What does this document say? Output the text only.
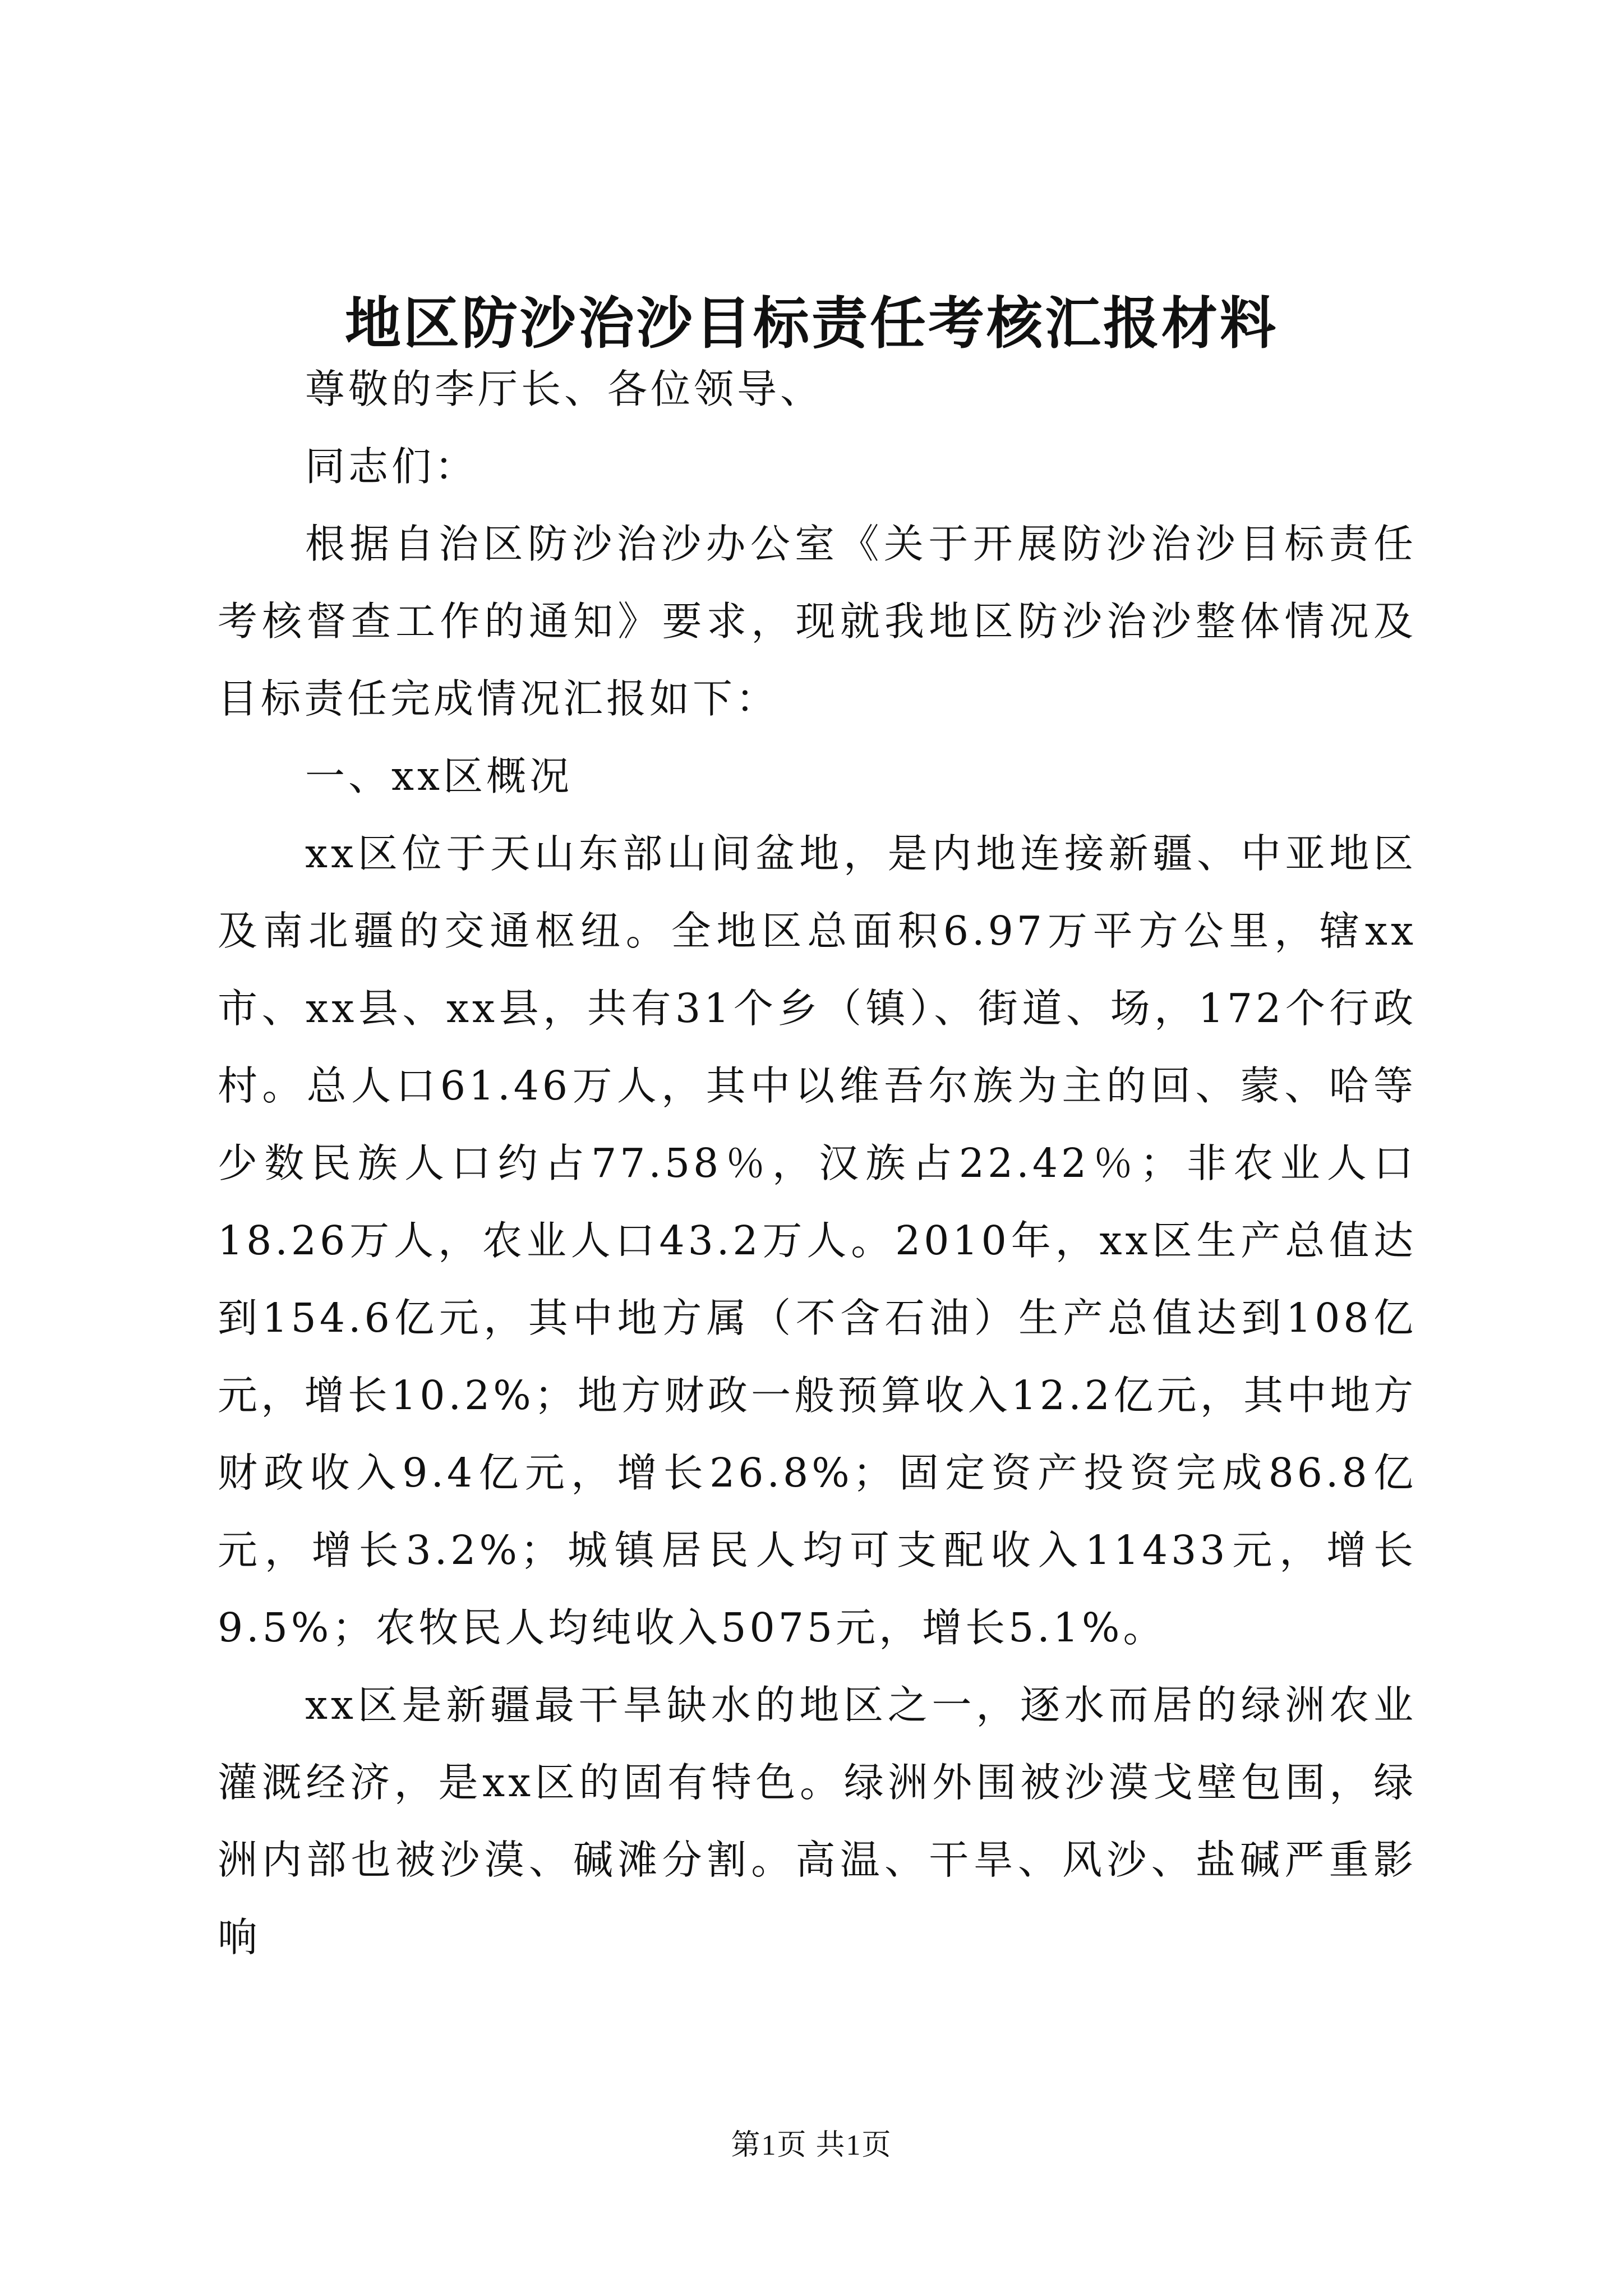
地区防沙治沙目标责任考核汇报材料

尊敬的李厅长、各位领导、

同志们：

根据自治区防沙治沙办公室《关于开展防沙治沙目标责任考核督查工作的通知》要求，现就我地区防沙治沙整体情况及目标责任完成情况汇报如下：

一、xx区概况

xx区位于天山东部山间盆地，是内地连接新疆、中亚地区及南北疆的交通枢纽。全地区总面积6.97万平方公里，辖xx市、xx县、xx县，共有31个乡（镇）、街道、场，172个行政村。总人口61.46万人，其中以维吾尔族为主的回、蒙、哈等少数民族人口约占77.58％，汉族占22.42％；非农业人口18.26万人，农业人口43.2万人。2010年，xx区生产总值达到154.6亿元，其中地方属（不含石油）生产总值达到108亿元，增长10.2%；地方财政一般预算收入12.2亿元，其中地方财政收入9.4亿元，增长26.8%；固定资产投资完成86.8亿元，增长3.2%；城镇居民人均可支配收入11433元，增长9.5%；农牧民人均纯收入5075元，增长5.1%。

xx区是新疆最干旱缺水的地区之一，逐水而居的绿洲农业灌溉经济，是xx区的固有特色。绿洲外围被沙漠戈壁包围，绿洲内部也被沙漠、碱滩分割。高温、干旱、风沙、盐碱严重影响

第1页 共1页
